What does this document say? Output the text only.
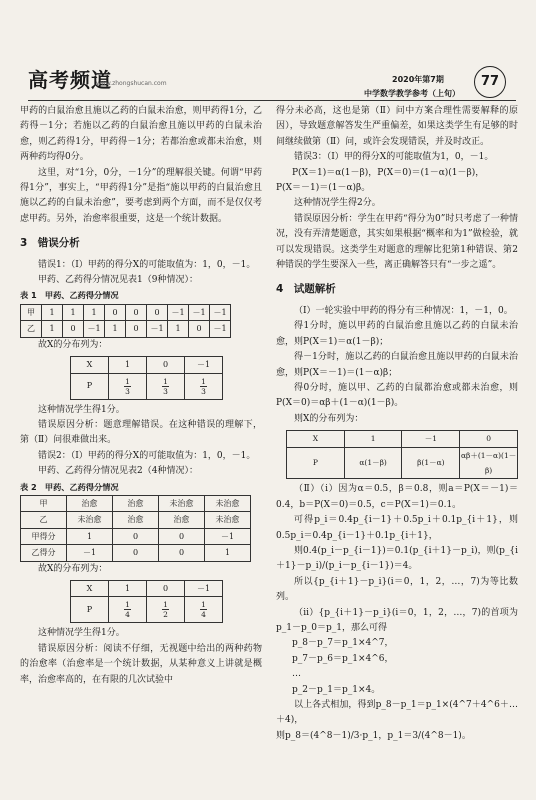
高考频道
www.zhongshucan.com	2020年第7期
中学数学教学参考（上旬）
77

甲药的白鼠治愈且施以乙药的白鼠未治愈，则甲药得1分，乙药得－1分；若施以乙药的白鼠治愈且施以甲药的白鼠未治愈，则乙药得1分，甲药得－1分；若都治愈或都未治愈，则两种药均得0分。

这里，对“1分，0分，－1分”的理解很关键。何谓“甲药得1分”，事实上，“甲药得1分”是指“施以甲药的白鼠治愈且施以乙药的白鼠未治愈”，要考虑到两个方面，而不是仅仅考虑甲药。另外，治愈率很重要，这是一个统计数据。

3　错误分析

错误1：（Ⅰ）甲药的得分X的可能取值为：1，0，－1。

甲药、乙药得分情况见表1（9种情况）：

表 1　甲药、乙药得分情况
甲	1	1	1	0	0	0	－1	－1	－1
乙	1	0	－1	1	0	－1	1	0	－1

故X的分布列为：

X	1	0	－1
P	$\frac{1}{3}$	$\frac{1}{3}$	$\frac{1}{3}$

这种情况学生得1分。

错误原因分析：题意理解错误。在这种错误的理解下，第（Ⅱ）问很难做出来。

错误2：（Ⅰ）甲药的得分X的可能取值为：1，0，－1。

甲药、乙药得分情况见表2（4种情况）：

表 2　甲药、乙药得分情况
甲	治愈	治愈	未治愈	未治愈
乙	未治愈	治愈	治愈	未治愈
甲得分	1	0	0	－1
乙得分	－1	0	0	1

故X的分布列为：

X	1	0	－1
P	$\frac{1}{4}$	$\frac{1}{2}$	$\frac{1}{4}$

这种情况学生得1分。

错误原因分析：阅读不仔细，无视题中给出的两种药物的治愈率（治愈率是一个统计数据，从某种意义上讲就是概率，治愈率高的，在有限的几次试验中

得分未必高，这也是第（Ⅱ）问中方案合理性需要解释的原因），导致题意解答发生严重偏差，如果这类学生有足够的时间继续做第（Ⅱ）问，或许会发现错误，并及时改正。

错误3：（Ⅰ）甲的得分X的可能取值为1，0，－1。

P(X＝1)＝α(1－β)，P(X＝0)＝(1－α)(1－β)，

P(X＝－1)＝(1－α)β。

这种情况学生得2分。

错误原因分析：学生在甲药“得分为0”时只考虑了一种情况，没有弄清楚题意，其实如果根据“概率和为1”做检验，就可以发现错误。这类学生对题意的理解比犯第1种错误、第2种错误的学生要深入一些，离正确解答只有“一步之遥”。

4　试题解析

（Ⅰ）一轮实验中甲药的得分有三种情况：1，－1，0。

得1分时，施以甲药的白鼠治愈且施以乙药的白鼠未治愈，则P(X＝1)＝α(1－β)；

得－1分时，施以乙药的白鼠治愈且施以甲药的白鼠未治愈，则P(X＝－1)＝(1－α)β；

得0分时，施以甲、乙药的白鼠都治愈或都未治愈，则P(X＝0)＝αβ＋(1－α)(1－β)。

则X的分布列为：

X	1	－1	0
P	α(1－β)	β(1－α)	αβ＋(1－α)(1－β)

（Ⅱ）（ⅰ）因为α＝0.5，β＝0.8，则a＝P(X＝－1)＝0.4，b＝P(X＝0)＝0.5，c＝P(X＝1)＝0.1。

可得p_i＝0.4p_{i－1}＋0.5p_i＋0.1p_{i＋1}，则0.5p_i＝0.4p_{i－1}＋0.1p_{i＋1}，

则0.4(p_i－p_{i－1})＝0.1(p_{i＋1}－p_i)，则(p_{i＋1}－p_i)/(p_i－p_{i－1})＝4。

所以{p_{i＋1}－p_i}(i＝0，1，2，…，7)为等比数列。

（ⅱ）{p_{i＋1}－p_i}(i＝0，1，2，…，7)的首项为p_1－p_0＝p_1，那么可得

p_8－p_7＝p_1×4^7，

p_7－p_6＝p_1×4^6，

…

p_2－p_1＝p_1×4。

以上各式相加，得到p_8－p_1＝p_1×(4^7＋4^6＋…＋4)，

则p_8＝(4^8－1)/3·p_1，p_1＝3/(4^8－1)。
